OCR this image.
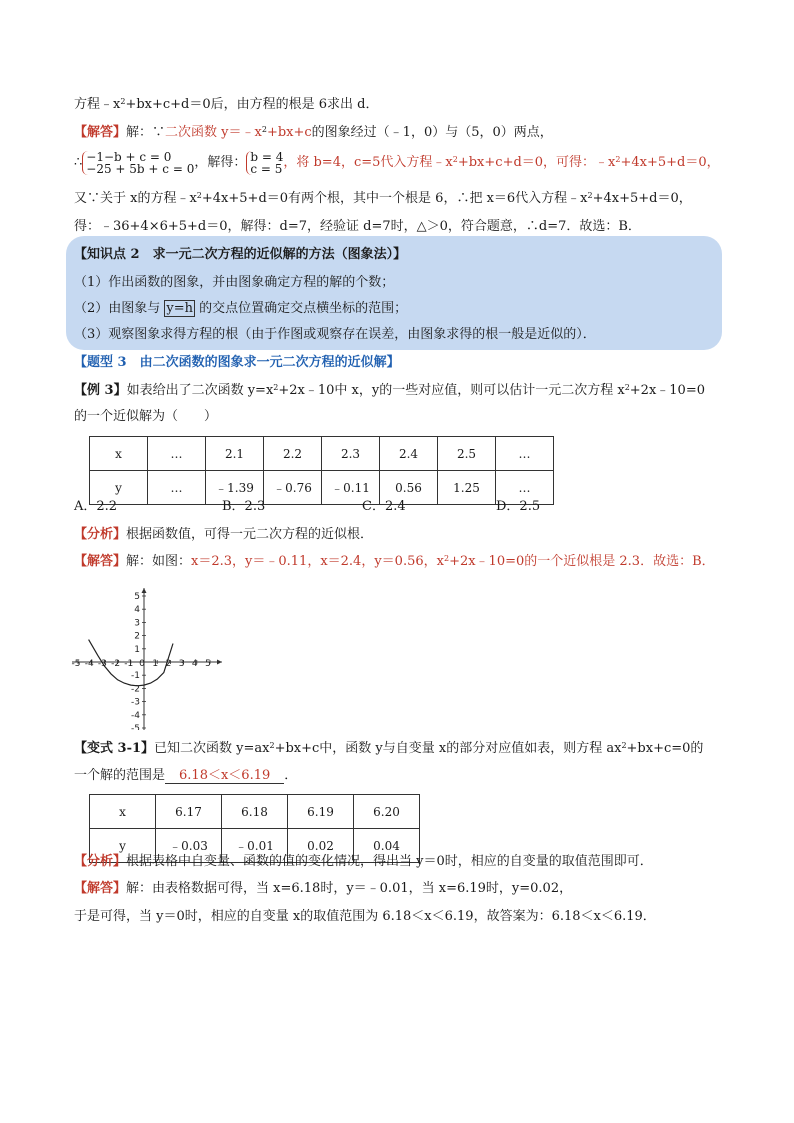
方程$﹣x^2+bx+c+d=0$后，由方程的根是 6求出 d．
【解答】解：∵二次函数 $y=﹣x^2+bx+c$的图象经过（﹣1，0）与（5，0）两点，
∴ −1−b + c = 0
−25 + 5b + c = 0，解得： b = 4
c = 5，将 b=4，c=5代入方程$﹣x^2+bx+c+d=0$，可得：$﹣x^2+4x+5+d=0$，
又∵关于 x的方程$﹣x^2+4x+5+d=0$有两个根，其中一个根是 6，∴把 x＝6代入方程$﹣x^2+4x+5+d=0$，
得：﹣36+4×6+5+d＝0，解得：d=7，经验证 d=7时，△＞0，符合题意，∴d=7．故选：B．
【知识点 2　求一元二次方程的近似解的方法（图象法）】
（1）作出函数的图象，并由图象确定方程的解的个数；
（2）由图象与 y=h 的交点位置确定交点横坐标的范围；
（3）观察图象求得方程的根（由于作图或观察存在误差，由图象求得的根一般是近似的）．
【题型 3　由二次函数的图象求一元二次方程的近似解】
【例 3】如表给出了二次函数 $y=x^2+2x﹣10$中 x，y的一些对应值，则可以估计一元二次方程 $x^2+2x﹣10=0$
的一个近似解为（　　）
x	…	2.1	2.2	2.3	2.4	2.5	…
y	…	﹣1.39	﹣0.76	﹣0.11	0.56	1.25	…
A．2.2	B．2.3	C．2.4	D．2.5
【分析】根据函数值，可得一元二次方程的近似根．
【解答】解：如图：x＝2.3，y＝﹣0.11，x＝2.4，y＝0.56，$x^2+2x﹣10=0$的一个近似根是 2.3．故选：B．
-5 -4 -3 -2 -1 0 1 2 3 4 5
5
4
3
2
1
-1
-2
-3
-4
-5
【变式 3-1】已知二次函数 $y=ax^2+bx+c$中，函数 y与自变量 x的部分对应值如表，则方程 $ax^2+bx+c=0$的
一个解的范围是 6.18＜x＜6.19 ．
x	6.17	6.18	6.19	6.20
y	﹣0.03	﹣0.01	0.02	0.04
【分析】根据表格中自变量、函数的值的变化情况，得出当 y＝0时，相应的自变量的取值范围即可．
【解答】解：由表格数据可得，当 x=6.18时，y＝﹣0.01，当 x=6.19时，y=0.02，
于是可得，当 y＝0时，相应的自变量 x的取值范围为 6.18＜x＜6.19，故答案为：6.18＜x＜6.19．
